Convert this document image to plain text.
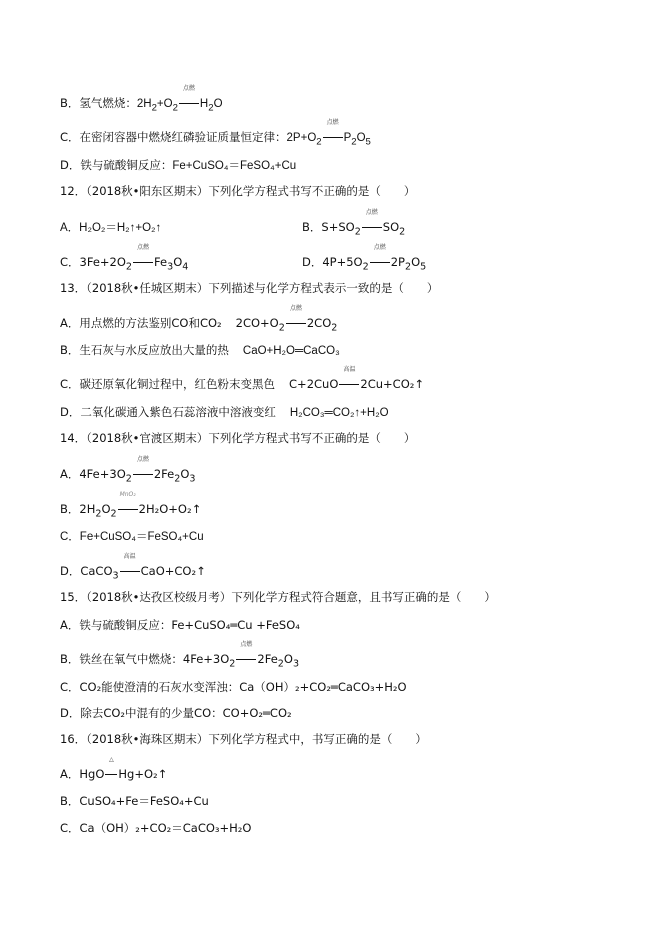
B．氢气燃烧：$2H_2+O_2$
点燃
$H_2O$
C．在密闭容器中燃烧红磷验证质量恒定律：$2P+O_2$
点燃
$P_2O_5$
D．铁与硫酸铜反应：Fe+CuSO₄＝FeSO₄+Cu
12．（2018秋•阳东区期末）下列化学方程式书写不正确的是（　　）
A．H₂O₂＝H₂↑+O₂↑	B．$S+SO_2$
点燃
$SO_2$
C．$3Fe+2O_2$
点燃
$Fe_3O_4$	D．$4P+5O_2$
点燃
$2P_2O_5$
13．（2018秋•任城区期末）下列描述与化学方程式表示一致的是（　　）
A．用点燃的方法鉴别CO和CO₂ $2CO+O_2$
点燃
$2CO_2$
B．生石灰与水反应放出大量的热 CaO+H₂O═CaCO₃
C．碳还原氧化铜过程中，红色粉末变黑色 C+2CuO
高温
2Cu+CO₂↑
D．二氧化碳通入紫色石蕊溶液中溶液变红 H₂CO₃═CO₂↑+H₂O
14．（2018秋•官渡区期末）下列化学方程式书写不正确的是（　　）
A．$4Fe+3O_2$
点燃
$2Fe_2O_3$
B．$2H_2O_2$
MnO₂
2H₂O+O₂↑
C．Fe+CuSO₄＝FeSO₄+Cu
D．CaCO$_3$
高温
CaO+CO₂↑
15．（2018秋•达孜区校级月考）下列化学方程式符合题意，且书写正确的是（　　）
A．铁与硫酸铜反应：Fe+CuSO₄═Cu +FeSO₄
B．铁丝在氧气中燃烧：$4Fe+3O_2$
点燃
$2Fe_2O_3$
C．CO₂能使澄清的石灰水变浑浊：Ca（OH）₂+CO₂═CaCO₃+H₂O
D．除去CO₂中混有的少量CO：CO+O₂═CO₂
16．（2018秋•海珠区期末）下列化学方程式中，书写正确的是（　　）
A．HgO
△
Hg+O₂↑
B．CuSO₄+Fe＝FeSO₄+Cu
C．Ca（OH）₂+CO₂＝CaCO₃+H₂O
